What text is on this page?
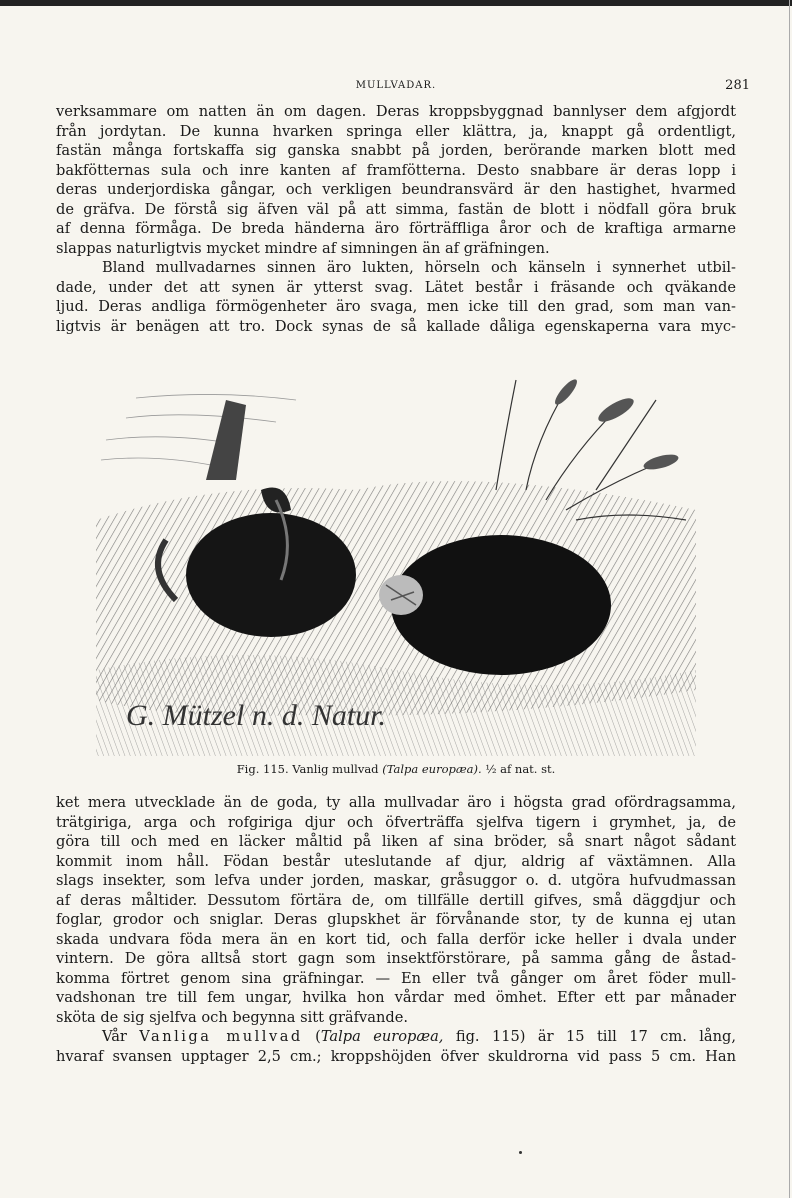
MULLVADAR.	281

verksammare om natten än om dagen. Deras kroppsbyggnad bannlyser dem afgjordt

från jordytan. De kunna hvarken springa eller klättra, ja, knappt gå ordentligt,

fastän många fortskaffa sig ganska snabbt på jorden, berörande marken blott med

bakfötternas sula och inre kanten af framfötterna. Desto snabbare är deras lopp i

deras underjordiska gångar, och verkligen beundransvärd är den hastighet, hvarmed

de gräfva. De förstå sig äfven väl på att simma, fastän de blott i nödfall göra bruk

af denna förmåga. De breda händerna äro förträffliga åror och de kraftiga armarne

slappas naturligtvis mycket mindre af simningen än af gräfningen.

Bland mullvadarnes sinnen äro lukten, hörseln och känseln i synnerhet utbil-

dade, under det att synen är ytterst svag. Lätet består i fräsande och qväkande

ljud. Deras andliga förmögenheter äro svaga, men icke till den grad, som man van-

ligtvis är benägen att tro. Dock synas de så kallade dåliga egenskaperna vara myc-

G. Mützel n. d. Natur.
Fig. 115. Vanlig mullvad (Talpa europæa). ½ af nat. st.

ket mera utvecklade än de goda, ty alla mullvadar äro i högsta grad ofördragsamma,

trätgiriga, arga och rofgiriga djur och öfverträffa sjelfva tigern i grymhet, ja, de

göra till och med en läcker måltid på liken af sina bröder, så snart något sådant

kommit inom håll. Födan består uteslutande af djur, aldrig af växtämnen. Alla

slags insekter, som lefva under jorden, maskar, gråsuggor o. d. utgöra hufvudmassan

af deras måltider. Dessutom förtära de, om tillfälle dertill gifves, små däggdjur och

foglar, grodor och sniglar. Deras glupskhet är förvånande stor, ty de kunna ej utan

skada undvara föda mera än en kort tid, och falla derför icke heller i dvala under

vintern. De göra alltså stort gagn som insektförstörare, på samma gång de åstad-

komma förtret genom sina gräfningar. — En eller två gånger om året föder mull-

vadshonan tre till fem ungar, hvilka hon vårdar med ömhet. Efter ett par månader

sköta de sig sjelfva och begynna sitt gräfvande.

Vår Vanliga mullvad (Talpa europæa, fig. 115) är 15 till 17 cm. lång,

hvaraf svansen upptager 2,5 cm.; kroppshöjden öfver skuldrorna vid pass 5 cm. Han
